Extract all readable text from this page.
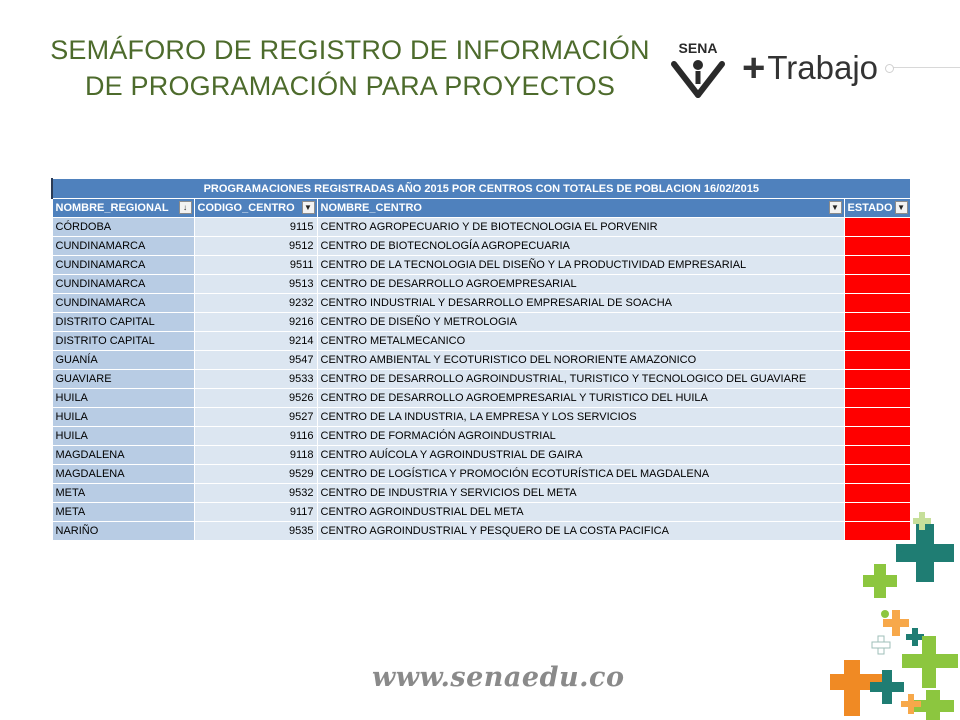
SEMÁFORO DE REGISTRO DE INFORMACIÓN
DE PROGRAMACIÓN PARA PROYECTOS
SENA + Trabajo
PROGRAMACIONES REGISTRADAS AÑO 2015 POR CENTROS CON TOTALES DE POBLACION 16/02/2015			
NOMBRE_REGIONAL ↓	CODIGO_CENTRO ▼	NOMBRE_CENTRO ▼	ESTADO ▼

CÓRDOBA	9115	CENTRO AGROPECUARIO Y DE BIOTECNOLOGIA EL PORVENIR	
CUNDINAMARCA	9512	CENTRO DE BIOTECNOLOGÍA AGROPECUARIA	
CUNDINAMARCA	9511	CENTRO DE LA TECNOLOGIA DEL DISEÑO Y LA PRODUCTIVIDAD EMPRESARIAL	
CUNDINAMARCA	9513	CENTRO DE DESARROLLO AGROEMPRESARIAL	
CUNDINAMARCA	9232	CENTRO INDUSTRIAL Y DESARROLLO EMPRESARIAL DE SOACHA	
DISTRITO CAPITAL	9216	CENTRO DE DISEÑO Y METROLOGIA	
DISTRITO CAPITAL	9214	CENTRO METALMECANICO	
GUANÍA	9547	CENTRO AMBIENTAL Y ECOTURISTICO DEL NORORIENTE AMAZONICO	
GUAVIARE	9533	CENTRO DE DESARROLLO AGROINDUSTRIAL, TURISTICO Y TECNOLOGICO DEL GUAVIARE	
HUILA	9526	CENTRO DE DESARROLLO AGROEMPRESARIAL Y TURISTICO DEL HUILA	
HUILA	9527	CENTRO DE LA INDUSTRIA, LA EMPRESA Y LOS SERVICIOS	
HUILA	9116	CENTRO DE FORMACIÓN AGROINDUSTRIAL	
MAGDALENA	9118	CENTRO AUÍCOLA Y AGROINDUSTRIAL DE GAIRA	
MAGDALENA	9529	CENTRO DE LOGÍSTICA Y PROMOCIÓN ECOTURÍSTICA DEL MAGDALENA	
META	9532	CENTRO DE INDUSTRIA Y SERVICIOS DEL META	
META	9117	CENTRO AGROINDUSTRIAL DEL META	
NARIÑO	9535	CENTRO AGROINDUSTRIAL Y PESQUERO DE LA COSTA PACIFICA	
www.senaedu.co
